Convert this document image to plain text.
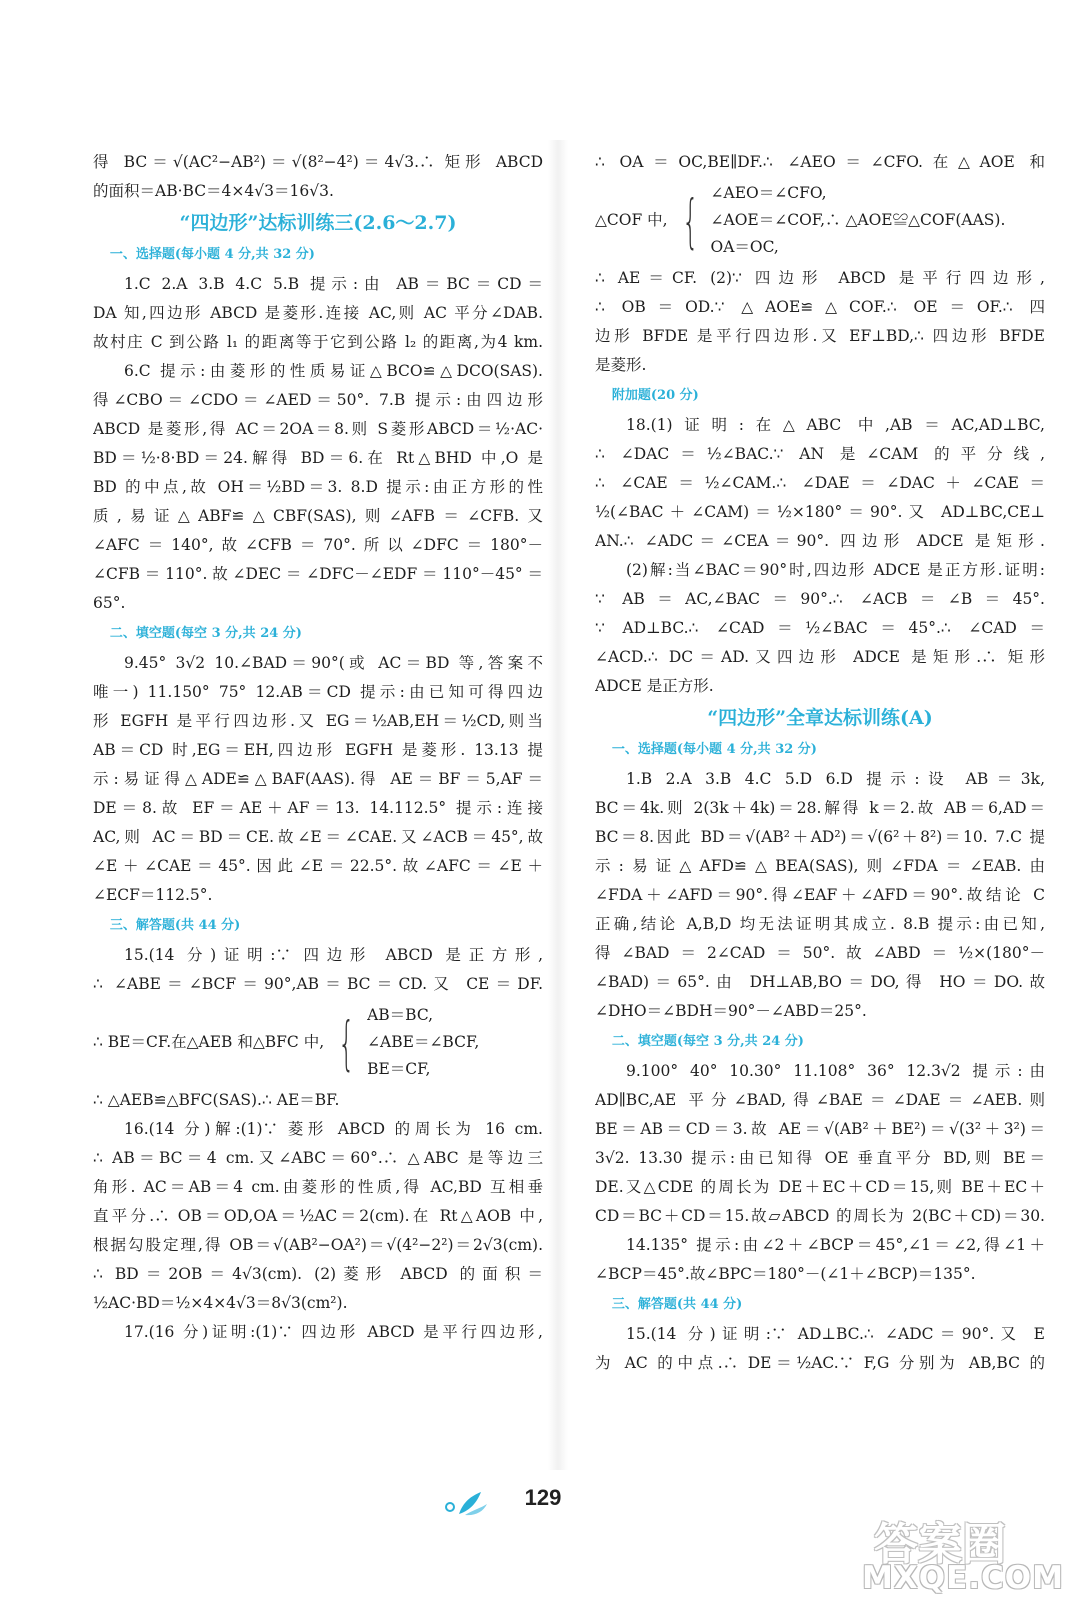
得 BC＝√(AC²−AB²)＝√(8²−4²)＝4√3.∴ 矩形 ABCD
的面积＝AB·BC＝4×4√3＝16√3.
“四边形”达标训练三(2.6～2.7)
一、选择题(每小题 4 分,共 32 分)
1.C 2.A 3.B 4.C 5.B 提示:由 AB＝BC＝CD＝
DA 知,四边形 ABCD 是菱形.连接 AC,则 AC 平分∠DAB.
故村庄 C 到公路 l₁ 的距离等于它到公路 l₂ 的距离,为4 km.
6.C 提示:由菱形的性质易证△BCO≌△DCO(SAS).
得∠CBO＝∠CDO＝∠AED＝50°. 7.B 提示:由四边形
ABCD 是菱形,得 AC＝2OA＝8.则 S菱形ABCD＝½·AC·
BD＝½·8·BD＝24.解得 BD＝6.在 Rt△BHD 中,O 是
BD 的中点,故 OH＝½BD＝3. 8.D 提示:由正方形的性
质,易证△ABF≌△CBF(SAS),则∠AFB＝∠CFB.又
∠AFC＝140°,故∠CFB＝70°.所以∠DFC＝180°－
∠CFB＝110°.故∠DEC＝∠DFC－∠EDF＝110°－45°＝
65°.
二、填空题(每空 3 分,共 24 分)
9.45° 3√2 10.∠BAD＝90°(或 AC＝BD 等,答案不
唯一) 11.150° 75° 12.AB＝CD 提示:由已知可得四边
形 EGFH 是平行四边形.又 EG＝½AB,EH＝½CD,则当
AB＝CD 时,EG＝EH,四边形 EGFH 是菱形. 13.13 提
示:易证得△ADE≌△BAF(AAS).得 AE＝BF＝5,AF＝
DE＝8.故 EF＝AE＋AF＝13. 14.112.5° 提示:连接
AC,则 AC＝BD＝CE.故∠E＝∠CAE.又∠ACB＝45°,故
∠E＋∠CAE＝45°.因此∠E＝22.5°.故∠AFC＝∠E＋
∠ECF＝112.5°.
三、解答题(共 44 分)
15.(14 分)证明:∵ 四边形 ABCD 是正方形,
∴ ∠ABE＝∠BCF＝90°,AB＝BC＝CD.又 CE＝DF.
∴ BE＝CF.在△AEB 和△BFC 中, { AB＝BC,
∠ABE＝∠BCF,
BE＝CF,
∴ △AEB≌△BFC(SAS).∴ AE＝BF.
16.(14 分)解:(1)∵ 菱形 ABCD 的周长为 16 cm.
∴ AB＝BC＝4 cm.又∠ABC＝60°.∴ △ABC 是等边三
角形. AC＝AB＝4 cm.由菱形的性质,得 AC,BD 互相垂
直平分.∴ OB＝OD,OA＝½AC＝2(cm).在 Rt△AOB 中,
根据勾股定理,得 OB＝√(AB²−OA²)＝√(4²−2²)＝2√3(cm).
∴ BD＝2OB＝4√3(cm). (2)菱形 ABCD 的面积＝
½AC·BD＝½×4×4√3＝8√3(cm²).
17.(16 分)证明:(1)∵ 四边形 ABCD 是平行四边形,
∴ OA＝OC,BE∥DF.∴ ∠AEO＝∠CFO.在△AOE 和
△COF 中, { ∠AEO＝∠CFO,
∠AOE＝∠COF,∴ △AOE≌△COF(AAS).
OA＝OC,
∴ AE＝CF. (2)∵ 四边形 ABCD 是平行四边形,
∴ OB＝OD.∵ △AOE≌△COF.∴ OE＝OF.∴ 四
边形 BFDE 是平行四边形.又 EF⊥BD,∴ 四边形 BFDE
是菱形.
附加题(20 分)
18.(1)证明:在△ABC 中,AB＝AC,AD⊥BC,
∴ ∠DAC＝½∠BAC.∵ AN 是∠CAM 的平分线,
∴ ∠CAE＝½∠CAM.∴ ∠DAE＝∠DAC＋∠CAE＝
½(∠BAC＋∠CAM)＝½×180°＝90°.又 AD⊥BC,CE⊥
AN.∴ ∠ADC＝∠CEA＝90°. 四边形 ADCE 是矩形.
(2)解:当∠BAC＝90°时,四边形 ADCE 是正方形.证明:
∵ AB＝AC,∠BAC＝90°.∴ ∠ACB＝∠B＝45°.
∵ AD⊥BC.∴ ∠CAD＝½∠BAC＝45°.∴ ∠CAD＝
∠ACD.∴ DC＝AD.又四边形 ADCE 是矩形.∴ 矩形
ADCE 是正方形.
“四边形”全章达标训练(A)
一、选择题(每小题 4 分,共 32 分)
1.B 2.A 3.B 4.C 5.D 6.D 提示:设 AB＝3k,
BC＝4k.则 2(3k＋4k)＝28.解得 k＝2.故 AB＝6,AD＝
BC＝8.因此 BD＝√(AB²＋AD²)＝√(6²＋8²)＝10. 7.C 提
示:易证△AFD≌△BEA(SAS),则∠FDA＝∠EAB.由
∠FDA＋∠AFD＝90°.得∠EAF＋∠AFD＝90°.故结论 C
正确,结论 A,B,D 均无法证明其成立. 8.B 提示:由已知,
得∠BAD＝2∠CAD＝50°.故∠ABD＝½×(180°－
∠BAD)＝65°.由 DH⊥AB,BO＝DO,得 HO＝DO.故
∠DHO＝∠BDH＝90°－∠ABD＝25°.
二、填空题(每空 3 分,共 24 分)
9.100° 40° 10.30° 11.108° 36° 12.3√2 提示:由
AD∥BC,AE 平分∠BAD,得∠BAE＝∠DAE＝∠AEB.则
BE＝AB＝CD＝3.故 AE＝√(AB²＋BE²)＝√(3²＋3²)＝
3√2. 13.30 提示:由已知得 OE 垂直平分 BD,则 BE＝
DE.又△CDE 的周长为 DE＋EC＋CD＝15,则 BE＋EC＋
CD＝BC＋CD＝15.故▱ABCD 的周长为 2(BC＋CD)＝30.
14.135° 提示:由∠2＋∠BCP＝45°,∠1＝∠2,得∠1＋
∠BCP＝45°.故∠BPC＝180°－(∠1＋∠BCP)＝135°.
三、解答题(共 44 分)
15.(14 分)证明:∵ AD⊥BC.∴ ∠ADC＝90°.又 E
为 AC 的中点.∴ DE＝½AC.∵ F,G 分别为 AB,BC 的
129
答案圈
MXQE.COM
